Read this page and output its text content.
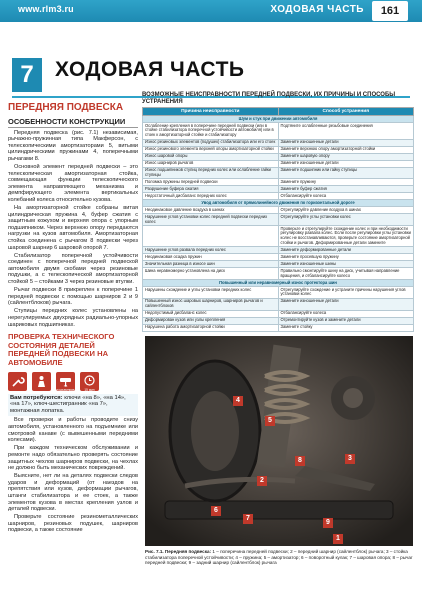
www.rlm3.ru	ХОДОВАЯ ЧАСТЬ	161
7	ХОДОВАЯ ЧАСТЬ
ПЕРЕДНЯЯ ПОДВЕСКА
ОСОБЕННОСТИ КОНСТРУКЦИИ

Передняя подвеска (рис. 7.1) независимая, рычажно-пружинная типа Макферсон, с телескопическими амортизаторами 5, витыми цилиндрическими пружинами 4, поперечными рычагами 8.

Основной элемент передней подвески – это телескопическая амортизаторная стойка, совмещающая функции телескопического элемента направляющего механизма и демпфирующего элемента вертикальных колебаний колеса относительно кузова.

На амортизаторной стойке собраны витая цилиндрическая пружина 4, буфер сжатия с защитным кожухом и верхняя опора с упорным подшипником. Через верхнюю опору передаются нагрузки на кузов автомобиля. Амортизаторная стойка соединена с рычагом 8 подвески через шаровой шарнир 6 шаровой опорой 7.

Стабилизатор поперечной устойчивости соединен с поперечной передней подвеской автомобиля двумя скобами через резиновые подушки, а с телескопической амортизаторной стойкой 5 – стойками 3 через резиновые втулки.

Рычаг подвески 8 прикреплен к поперечине 1 передней подвески с помощью шарниров 2 и 9 (сайлентблоков) рычага.

Ступицы передних колес установлены на нерегулируемых двухрядных радиально-упорных шариковых подшипниках.

ПРОВЕРКА ТЕХНИЧЕСКОГО СОСТОЯНИЯ ДЕТАЛЕЙ ПЕРЕДНЕЙ ПОДВЕСКИ НА АВТОМОБИЛЕ
на подъемнике	15 мин

Вам потребуются: ключи «на 8», «на 14», «на 17», ключ-шестигранник «на 7», монтажная лопатка.

Все проверки и работы проводите снизу автомобиля, установленного на подъемнике или смотровой канаве (с вывешенными передними колесами).

При каждом техническом обслуживании и ремонте надо обязательно проверять состояние защитных чехлов шарниров подвески, на чехлах не должно быть механических повреждений.

Выясните, нет ли на деталях подвески следов ударов и деформаций (от наездов на препятствия или кузов, деформации рычагов, штанги стабилизатора и ее стоек, а также элементов кузова в местах крепления узлов и деталей подвески.

Проверьте состояние резинометаллических шарниров, резиновых подушек, шарниров подвески, а также состояние

ВОЗМОЖНЫЕ НЕИСПРАВНОСТИ ПЕРЕДНЕЙ ПОДВЕСКИ, ИХ ПРИЧИНЫ И СПОСОБЫ УСТРАНЕНИЯ
Причина неисправности	Способ устранения
Шум и стук при движении автомобиля	
Ослабление крепления в поперечине передней подвески (или в стойке стабилизатора поперечной устойчивости автомобиля) или в стоек к амортизаторной стойке и стабилизатору	Подтяните ослабленные резьбовые соединения
Износ резиновых элементов (подушек) стабилизатора или его стоек	Замените изношенные детали
Износ резинового элемента верхней опоры амортизаторной стойки	Замените верхнюю опору амортизаторной стойки
Износ шаровой опоры	Замените шаровую опору
Износ шарниров рычагов	Замените изношенные детали
Износ подшипников ступиц передних колес или ослабление гайки ступицы	Замените подшипник или гайку ступицы
Поломка пружины передней подвески	Замените пружину
Разрушение буфера сжатия	Замените буфер сжатия
Недостаточный дисбаланс передних колес	Отбалансируйте колеса
Увод автомобиля от прямолинейного движения по горизонтальной дороге	
Неодинаковое давление воздуха в шинах	Отрегулируйте давление воздуха в шинах
Нарушение углов установки колес передней подвески передних колес	Отрегулируйте углы установки колес
	Проверьте и отрегулируйте схождение колес и при необходимости регулировку развала колес. Если после регулировки углы установки колес не восстанавливаются, проверьте состояние амортизаторной стойки и рычагов. Деформированные детали замените
Нарушение углов развала передних колес	Замените деформированные детали
Неодинаковая осадка пружин	Замените просевшую пружину
Значительная разница в износе шин	Замените изношенные шины
Шина неравномерно установлена на диск	Правильно смонтируйте шину на диск, учитывая направление вращения, и отбалансируйте колесо
Повышенный или неравномерный износ протектора шин	
Нарушены схождение и углы установки передних колес	Отрегулируйте схождение и устраните причины нарушения углов установки колес
Повышенный износ шаровых шарниров, шарниров рычагов и сайлентблоков	Замените изношенные детали
Недопустимый дисбаланс колес	Отбалансируйте колеса
Деформирован кузов или узлы крепления	Отремонтируйте кузов и замените детали
Нарушена работа амортизаторной стойки	Замените стойку
1
2
3
4
5
6
7
8
9

Рис. 7.1. Передняя подвеска: 1 – поперечина передней подвески; 2 – передний шарнир (сайлентблок) рычага; 3 – стойка стабилизатора поперечной устойчивости; 4 – пружина; 5 – амортизатор; 6 – поворотный кулак; 7 – шаровая опора; 8 – рычаг передней подвески; 9 – задний шарнир (сайлентблок) рычага
